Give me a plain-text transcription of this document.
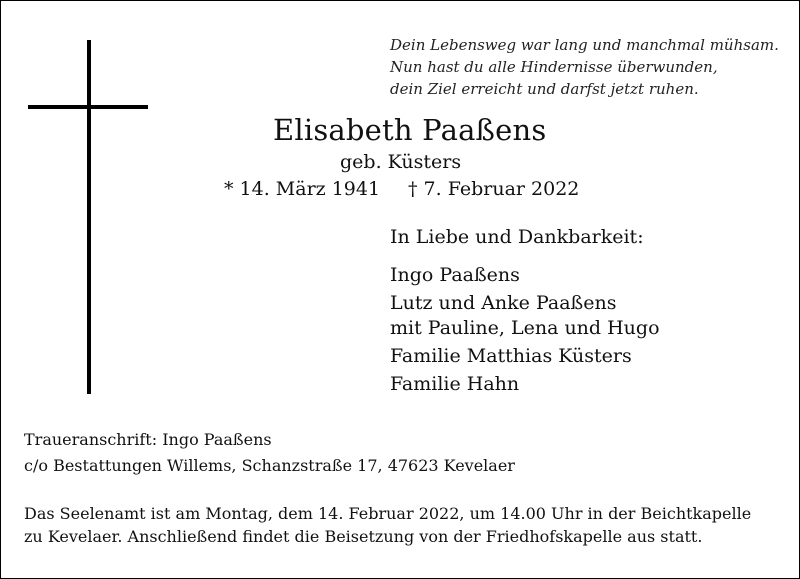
Dein Lebensweg war lang und manchmal mühsam.
Nun hast du alle Hindernisse überwunden,
dein Ziel erreicht und darfst jetzt ruhen.
Elisabeth Paaßens
geb. Küsters
* 14. März 1941 † 7. Februar 2022
In Liebe und Dankbarkeit:
Ingo Paaßens
Lutz und Anke Paaßens
mit Pauline, Lena und Hugo
Familie Matthias Küsters
Familie Hahn
Traueranschrift: Ingo Paaßens
c/o Bestattungen Willems, Schanzstraße 17, 47623 Kevelaer
Das Seelenamt ist am Montag, dem 14. Februar 2022, um 14.00 Uhr in der Beichtkapelle
zu Kevelaer. Anschließend findet die Beisetzung von der Friedhofskapelle aus statt.
